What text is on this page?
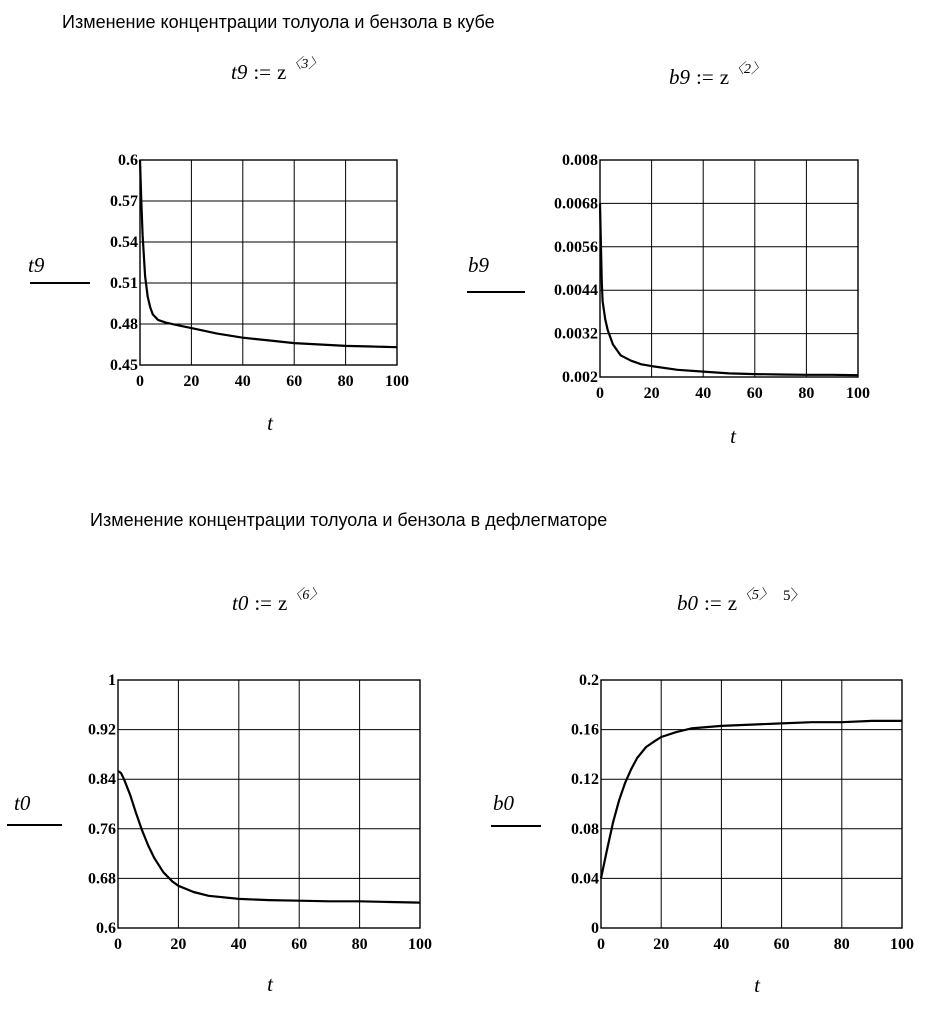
Изменение концентрации толуола и бензола в кубе
Изменение концентрации толуола и бензола в дефлегматоре
t9 := $z^{〈3〉}$
b9 := $z^{〈2〉}$
t0 := $z^{〈6〉}$	b0 := $z^{〈5〉}$ $^{5〉}$
0.6
0.57
0.54
0.51
0.48
0.45
0 20 40 60 80 100
t9
t
0.008
0.0068
0.0056
0.0044
0.0032
0.002
0 20 40 60 80 100
b9
t
1
0.92
0.84
0.76
0.68
0.6
0	20	40	60	80	100
t0
t
0.2
0.16
0.12
0.08
0.04
0
0	20	40	60	80	100
b0
t
